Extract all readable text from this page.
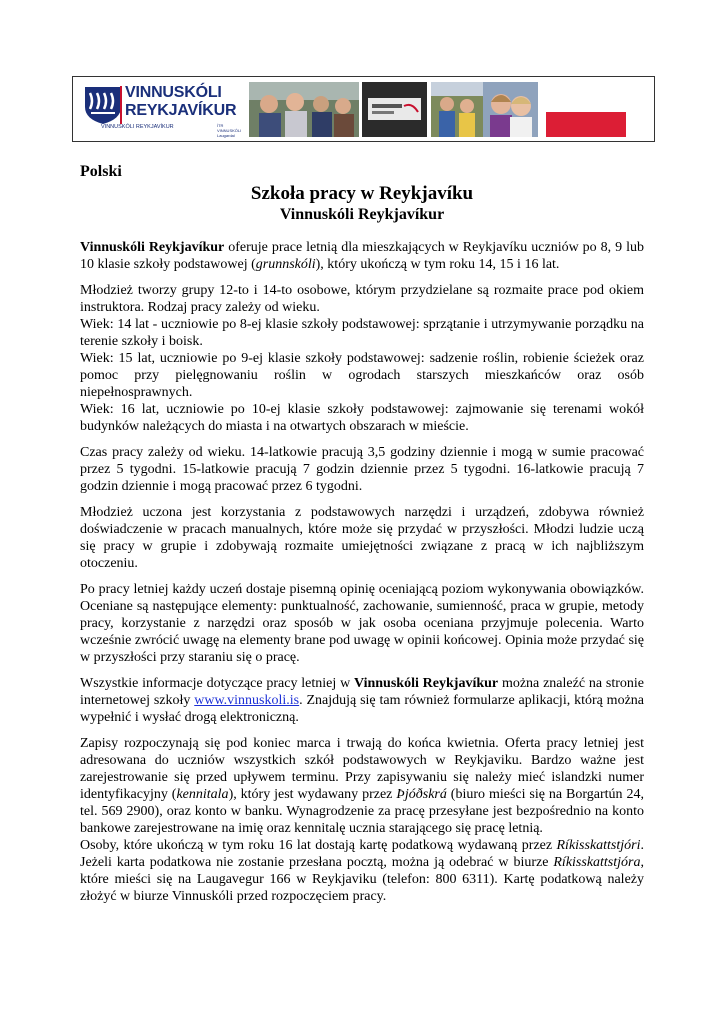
VINNUSKÓLI
REYKJAVÍKUR
VINNUSKÓLI REYKJAVÍKUR	ÍTR VINNUSKÓLI Laugardal
Polski
Szkoła pracy w Reykjavíku
Vinnuskóli Reykjavíkur

Vinnuskóli Reykjavíkur oferuje prace letnią dla mieszkających w Reykjavíku uczniów po 8, 9 lub 10 klasie szkoły podstawowej (grunnskóli), który ukończą w tym roku 14, 15 i 16 lat.

Młodzież tworzy grupy 12-to i 14-to osobowe, którym przydzielane są rozmaite prace pod okiem instruktora. Rodzaj pracy zależy od wieku.
Wiek: 14 lat - uczniowie po 8-ej klasie szkoły podstawowej: sprzątanie i utrzymywanie porządku na terenie szkoły i boisk.
Wiek: 15 lat, uczniowie po 9-ej klasie szkoły podstawowej: sadzenie roślin, robienie ścieżek oraz pomoc przy pielęgnowaniu roślin w ogrodach starszych mieszkańców oraz osób niepełnosprawnych.
Wiek: 16 lat, uczniowie po 10-ej klasie szkoły podstawowej: zajmowanie się terenami wokół budynków należących do miasta i na otwartych obszarach w mieście.

Czas pracy zależy od wieku. 14-latkowie pracują 3,5 godziny dziennie i mogą w sumie pracować przez 5 tygodni. 15-latkowie pracują 7 godzin dziennie przez 5 tygodni. 16-latkowie pracują 7 godzin dziennie i mogą pracować przez 6 tygodni.

Młodzież uczona jest korzystania z podstawowych narzędzi i urządzeń, zdobywa również doświadczenie w pracach manualnych, które może się przydać w przyszłości. Młodzi ludzie uczą się pracy w grupie i zdobywają rozmaite umiejętności związane z pracą w ich najbliższym otoczeniu.

Po pracy letniej każdy uczeń dostaje pisemną opinię oceniającą poziom wykonywania obowiązków. Oceniane są następujące elementy: punktualność, zachowanie, sumienność, praca w grupie, metody pracy, korzystanie z narzędzi oraz sposób w jak osoba oceniana przyjmuje polecenia. Warto wcześnie zwrócić uwagę na elementy brane pod uwagę w opinii końcowej. Opinia może przydać się w przyszłości przy staraniu się o pracę.

Wszystkie informacje dotyczące pracy letniej w Vinnuskóli Reykjavíkur można znaleźć na stronie internetowej szkoły www.vinnuskoli.is. Znajdują się tam również formularze aplikacji, którą można wypełnić i wysłać drogą elektroniczną.

Zapisy rozpoczynają się pod koniec marca i trwają do końca kwietnia. Oferta pracy letniej jest adresowana do uczniów wszystkich szkół podstawowych w Reykjaviku. Bardzo ważne jest zarejestrowanie się przed upływem terminu. Przy zapisywaniu się należy mieć islandzki numer identyfikacyjny (kennitala), który jest wydawany przez Þjóðskrá (biuro mieści się na Borgartún 24, tel. 569 2900), oraz konto w banku. Wynagrodzenie za pracę przesyłane jest bezpośrednio na konto bankowe zarejestrowane na imię oraz kennitalę ucznia starającego się pracę letnią.

Osoby, które ukończą w tym roku 16 lat dostają kartę podatkową wydawaną przez Ríkisskattstjóri. Jeżeli karta podatkowa nie zostanie przesłana pocztą, można ją odebrać w biurze Ríkisskattstjóra, które mieści się na Laugavegur 166 w Reykjaviku (telefon: 800 6311). Kartę podatkową należy złożyć w biurze Vinnuskóli przed rozpoczęciem pracy.
